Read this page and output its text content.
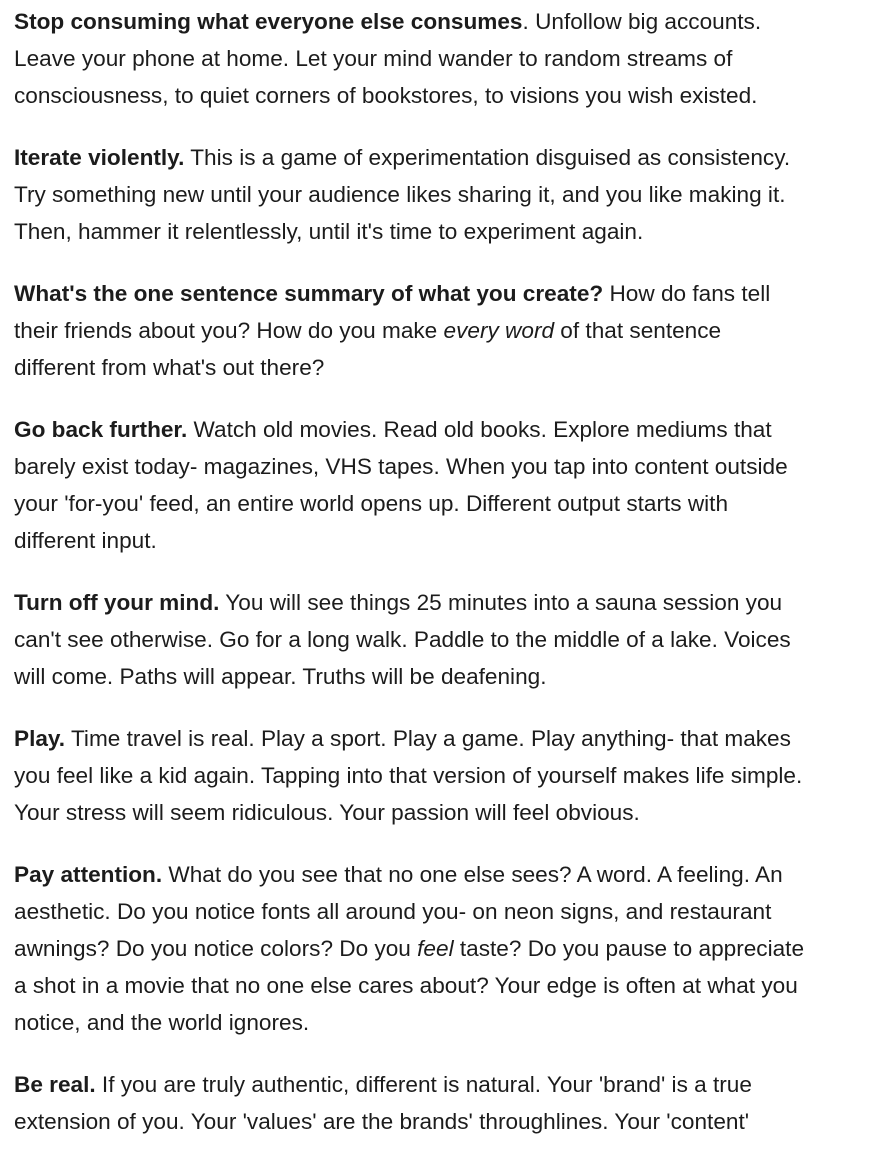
Stop consuming what everyone else consumes. Unfollow big accounts.
Leave your phone at home. Let your mind wander to random streams of
consciousness, to quiet corners of bookstores, to visions you wish existed.

Iterate violently. This is a game of experimentation disguised as consistency.
Try something new until your audience likes sharing it, and you like making it.
Then, hammer it relentlessly, until it's time to experiment again.

What's the one sentence summary of what you create? How do fans tell
their friends about you? How do you make every word of that sentence
different from what's out there?

Go back further. Watch old movies. Read old books. Explore mediums that
barely exist today- magazines, VHS tapes. When you tap into content outside
your 'for-you' feed, an entire world opens up. Different output starts with
different input.

Turn off your mind. You will see things 25 minutes into a sauna session you
can't see otherwise. Go for a long walk. Paddle to the middle of a lake. Voices
will come. Paths will appear. Truths will be deafening.

Play. Time travel is real. Play a sport. Play a game. Play anything- that makes
you feel like a kid again. Tapping into that version of yourself makes life simple.
Your stress will seem ridiculous. Your passion will feel obvious.

Pay attention. What do you see that no one else sees? A word. A feeling. An
aesthetic. Do you notice fonts all around you- on neon signs, and restaurant
awnings? Do you notice colors? Do you feel taste? Do you pause to appreciate
a shot in a movie that no one else cares about? Your edge is often at what you
notice, and the world ignores.

Be real. If you are truly authentic, different is natural. Your 'brand' is a true
extension of you. Your 'values' are the brands' throughlines. Your 'content'
